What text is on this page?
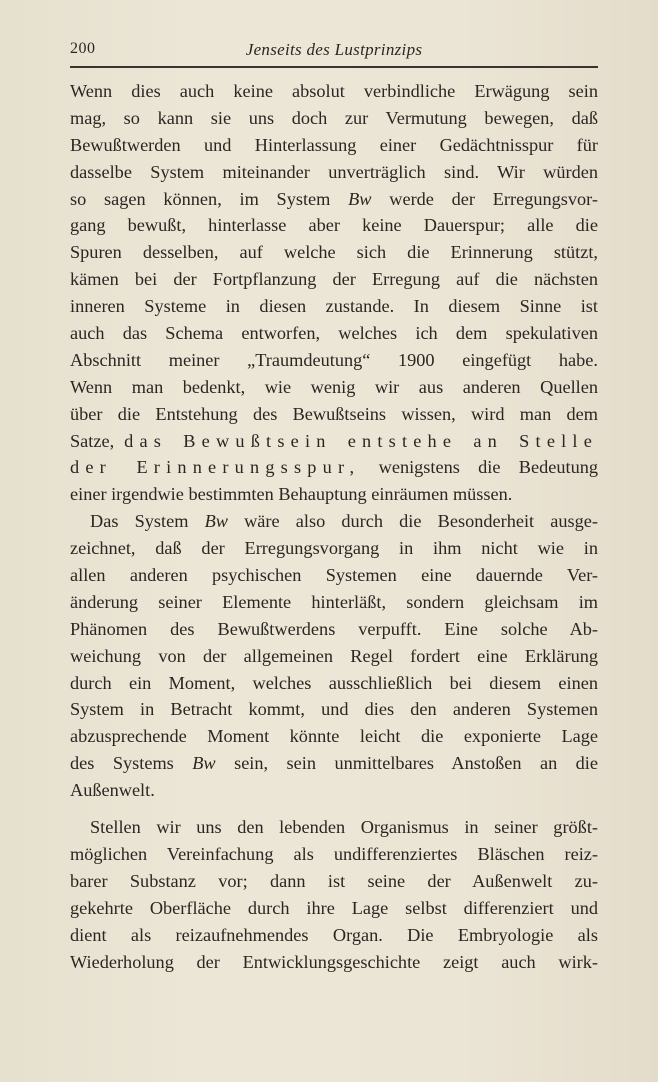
200	Jenseits des Lustprinzips
Wenn dies auch keine absolut verbindliche Erwägung sein
mag, so kann sie uns doch zur Vermutung bewegen, daß
Bewußtwerden und Hinterlassung einer Gedächtnisspur für
dasselbe System miteinander unverträglich sind. Wir würden
so sagen können, im System Bw werde der Erregungsvor-
gang bewußt, hinterlasse aber keine Dauerspur; alle die
Spuren desselben, auf welche sich die Erinnerung stützt,
kämen bei der Fortpflanzung der Erregung auf die nächsten
inneren Systeme in diesen zustande. In diesem Sinne ist
auch das Schema entworfen, welches ich dem spekulativen
Abschnitt meiner „Traumdeutung“ 1900 eingefügt habe.
Wenn man bedenkt, wie wenig wir aus anderen Quellen
über die Entstehung des Bewußtseins wissen, wird man dem
Satze, das Bewußtsein entstehe an Stelle
der Erinnerungsspur, wenigstens die Bedeutung
einer irgendwie bestimmten Behauptung einräumen müssen.
Das System Bw wäre also durch die Besonderheit ausge-
zeichnet, daß der Erregungsvorgang in ihm nicht wie in
allen anderen psychischen Systemen eine dauernde Ver-
änderung seiner Elemente hinterläßt, sondern gleichsam im
Phänomen des Bewußtwerdens verpufft. Eine solche Ab-
weichung von der allgemeinen Regel fordert eine Erklärung
durch ein Moment, welches ausschließlich bei diesem einen
System in Betracht kommt, und dies den anderen Systemen
abzusprechende Moment könnte leicht die exponierte Lage
des Systems Bw sein, sein unmittelbares Anstoßen an die
Außenwelt.
Stellen wir uns den lebenden Organismus in seiner größt-
möglichen Vereinfachung als undifferenziertes Bläschen reiz-
barer Substanz vor; dann ist seine der Außenwelt zu-
gekehrte Oberfläche durch ihre Lage selbst differenziert und
dient als reizaufnehmendes Organ. Die Embryologie als
Wiederholung der Entwicklungsgeschichte zeigt auch wirk-
